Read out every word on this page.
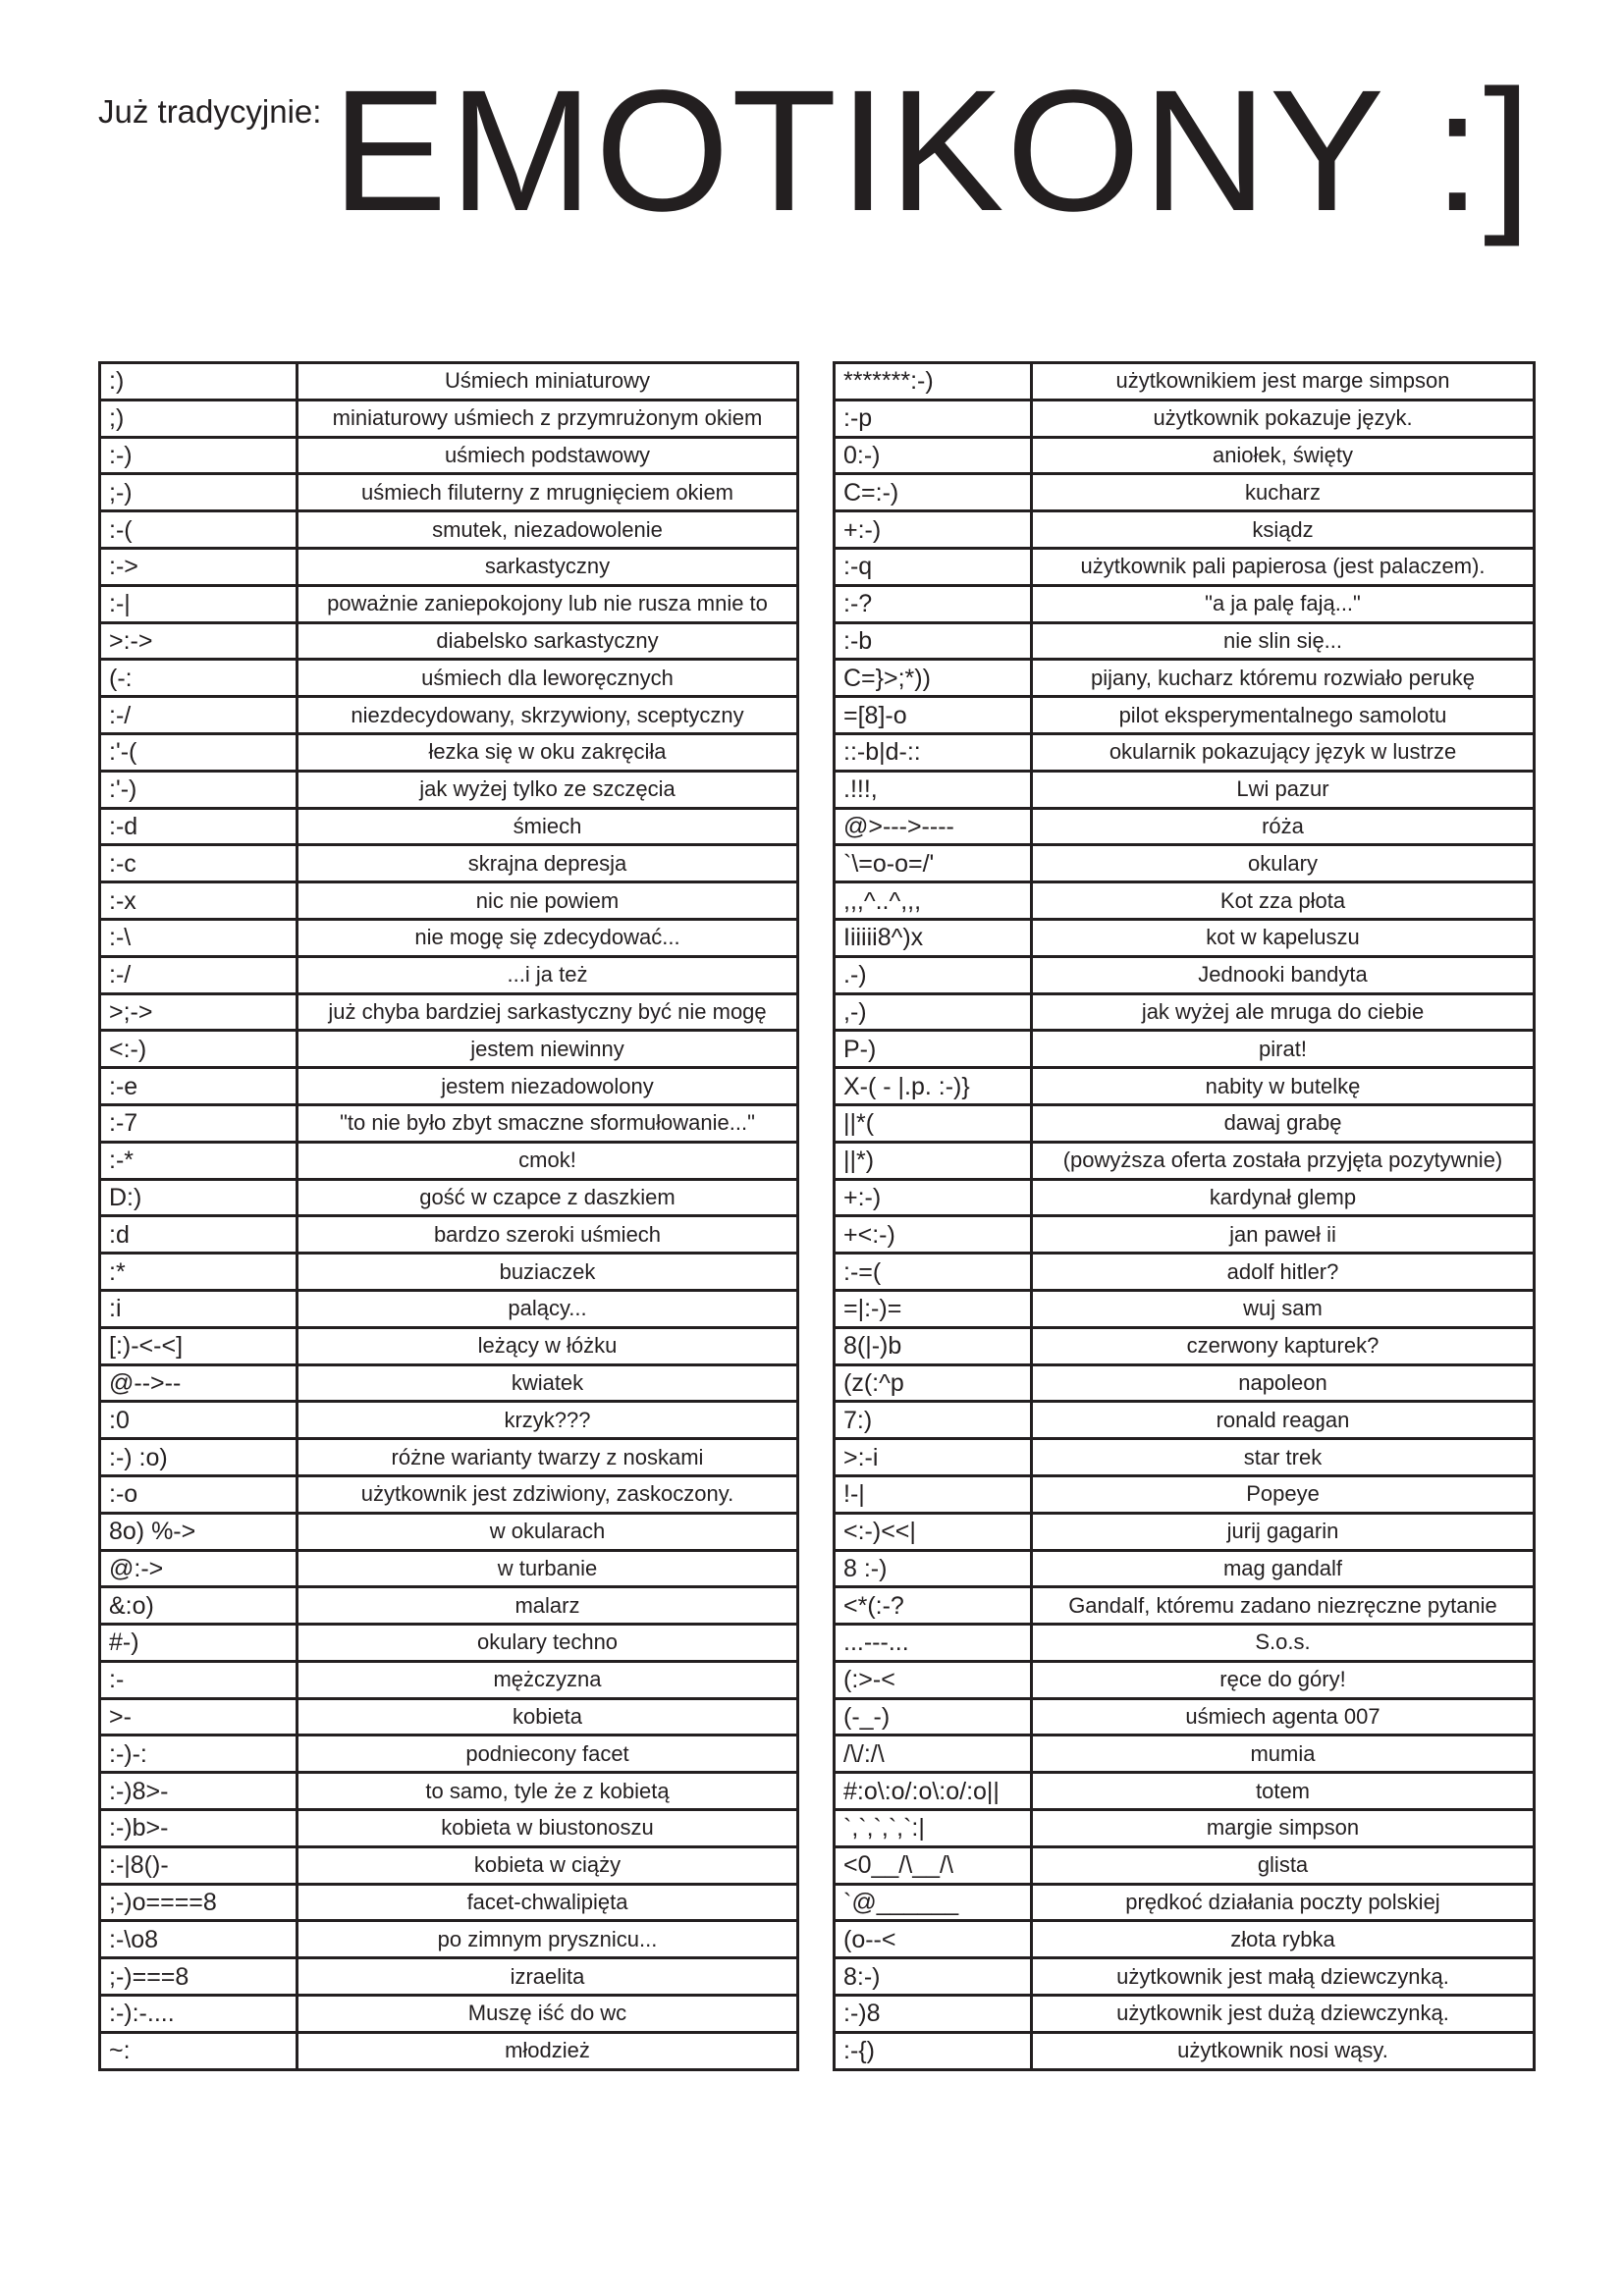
Już tradycyjnie: EMOTIKONY :]
:)	Uśmiech miniaturowy
;)	miniaturowy uśmiech z przymrużonym okiem
:-)	uśmiech podstawowy
;-)	uśmiech filuterny z mrugnięciem okiem
:-(	smutek, niezadowolenie
:->	sarkastyczny
:-|	poważnie zaniepokojony lub nie rusza mnie to
>:->	diabelsko sarkastyczny
(-:	uśmiech dla leworęcznych
:-/	niezdecydowany, skrzywiony, sceptyczny
:'-(	łezka się w oku zakręciła
:'-)	jak wyżej tylko ze szczęcia
:-d	śmiech
:-c	skrajna depresja
:-x	nic nie powiem
:-\	nie mogę się zdecydować...
:-/	...i ja też
>;->	już chyba bardziej sarkastyczny być nie mogę
<:-)	jestem niewinny
:-e	jestem niezadowolony
:-7	"to nie było zbyt smaczne sformułowanie..."
:-*	cmok!
D:)	gość w czapce z daszkiem
:d	bardzo szeroki uśmiech
:*	buziaczek
:i	palący...
[:)-<-<]	leżący w łóżku
@-->--	kwiatek
:0	krzyk???
:-) :o)	różne warianty twarzy z noskami
:-o	użytkownik jest zdziwiony, zaskoczony.
8o) %->	w okularach
@:->	w turbanie
&:o)	malarz
#-)	okulary techno
:-	mężczyzna
>-	kobieta
:-)-:	podniecony facet
:-)8>-	to samo, tyle że z kobietą
:-)b>-	kobieta w biustonoszu
:-|8()-	kobieta w ciąży
;-)o====8	facet-chwalipięta
:-\o8	po zimnym prysznicu...
;-)===8	izraelita
:-):-....	Muszę iść do wc
~:	młodzież
*******:-)	użytkownikiem jest marge simpson
:-p	użytkownik pokazuje język.
0:-)	aniołek, święty
C=:-)	kucharz
+:-)	ksiądz
:-q	użytkownik pali papierosa (jest palaczem).
:-?	"a ja palę fają..."
:-b	nie slin się...
C=}>;*))	pijany, kucharz któremu rozwiało perukę
=[8]-o	pilot eksperymentalnego samolotu
::-b|d-::	okularnik pokazujący język w lustrze
.!!!,	Lwi pazur
@>--->----	róża
`\=o-o=/'	okulary
,,,^..^,,,	Kot zza płota
Iiiiii8^)x	kot w kapeluszu
.-)	Jednooki bandyta
,-)	jak wyżej ale mruga do ciebie
P-)	pirat!
X-( - |.p. :-)}	nabity w butelkę
||*(	dawaj grabę
||*)	(powyższa oferta została przyjęta pozytywnie)
+:-)	kardynał glemp
+<:-)	jan paweł ii
:-=(	adolf hitler?
=|:-)=	wuj sam
8(|-)b	czerwony kapturek?
(z(:^p	napoleon
7:)	ronald reagan
>:-i	star trek
!-|	Popeye
<:-)<<|	jurij gagarin
8 :-)	mag gandalf
<*(:-?	Gandalf, któremu zadano niezręczne pytanie
...---...	S.o.s.
(:>-<	ręce do góry!
(-_-)	uśmiech agenta 007
/\/:/\	mumia
#:o\:o/:o\:o/:o||	totem
`,`,`,`,`:|	margie simpson
<0__/\__/\	glista
`@______	prędkoć działania poczty polskiej
(o--<	złota rybka
8:-)	użytkownik jest małą dziewczynką.
:-)8	użytkownik jest dużą dziewczynką.
:-{)	użytkownik nosi wąsy.
